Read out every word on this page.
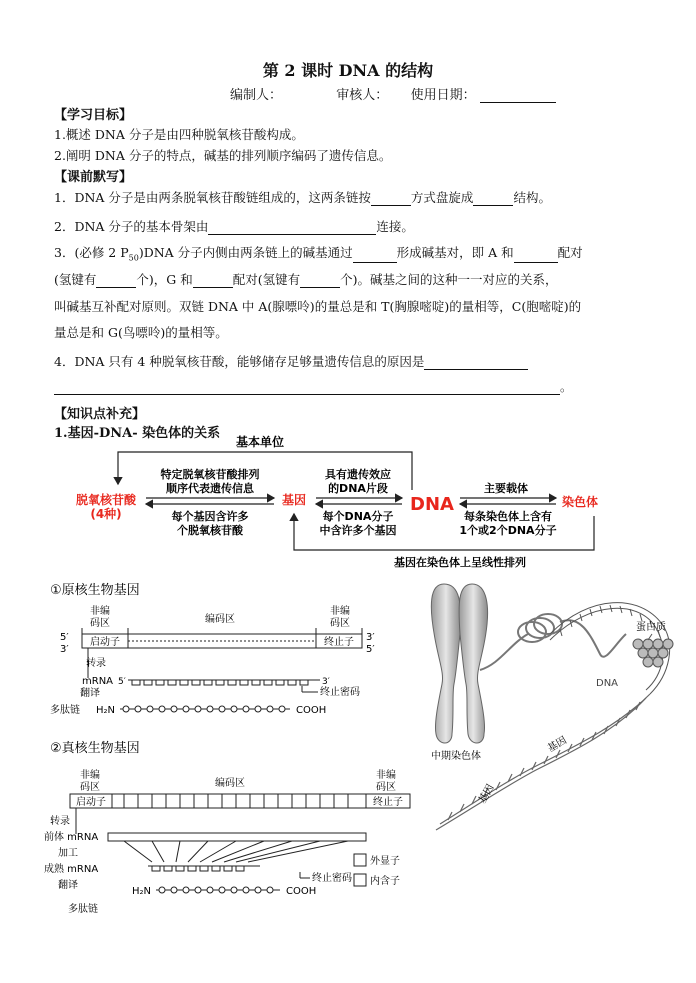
第 2 课时 DNA 的结构
编制人：	审核人： 使用日期：
【学习目标】
1.概述 DNA 分子是由四种脱氧核苷酸构成。
2.阐明 DNA 分子的特点，碱基的排列顺序编码了遗传信息。
【课前默写】
1．DNA 分子是由两条脱氧核苷酸链组成的，这两条链按	方式盘旋成	结构。
2．DNA 分子的基本骨架由	连接。
3．(必修 2 $P_{50})DNA$ 分子内侧由两条链上的碱基通过	形成碱基对，即 A 和	配对
(氢键有	个)，G 和	配对(氢键有	个)。碱基之间的这种一一对应的关系，
叫碱基互补配对原则。双链 DNA 中 A(腺嘌呤)的量总是和 T(胸腺嘧啶)的量相等，C(胞嘧啶)的
量总是和 G(鸟嘌呤)的量相等。
4．DNA 只有 4 种脱氧核苷酸，能够储存足够量遗传信息的原因是
。
【知识点补充】
1.基因-DNA- 染色体的关系
基本单位
脱氧核苷酸
(4种)
基因	DNA	染色体
特定脱氧核苷酸排列
顺序代表遗传信息
每个基因含许多
个脱氧核苷酸
具有遗传效应
的DNA片段
每个DNA分子
中含许多个基因
主要载体
每条染色体上含有
1个或2个DNA分子
基因在染色体上呈线性排列
①原核生物基因
非编
码区	编码区
非编
码区
启动子	终止子
5′
3′
3′
5′
转录
mRNA 5′	3′
终止密码
翻译
多肽链 H₂N	COOH
②真核生物基因
非编
码区	编码区
非编
码区
启动子	终止子
转录
前体 mRNA
加工
成熟 mRNA
终止密码
翻译
H₂N	COOH
多肽链
外显子
内含子
中期染色体
蛋白质
DNA
基因
基因
